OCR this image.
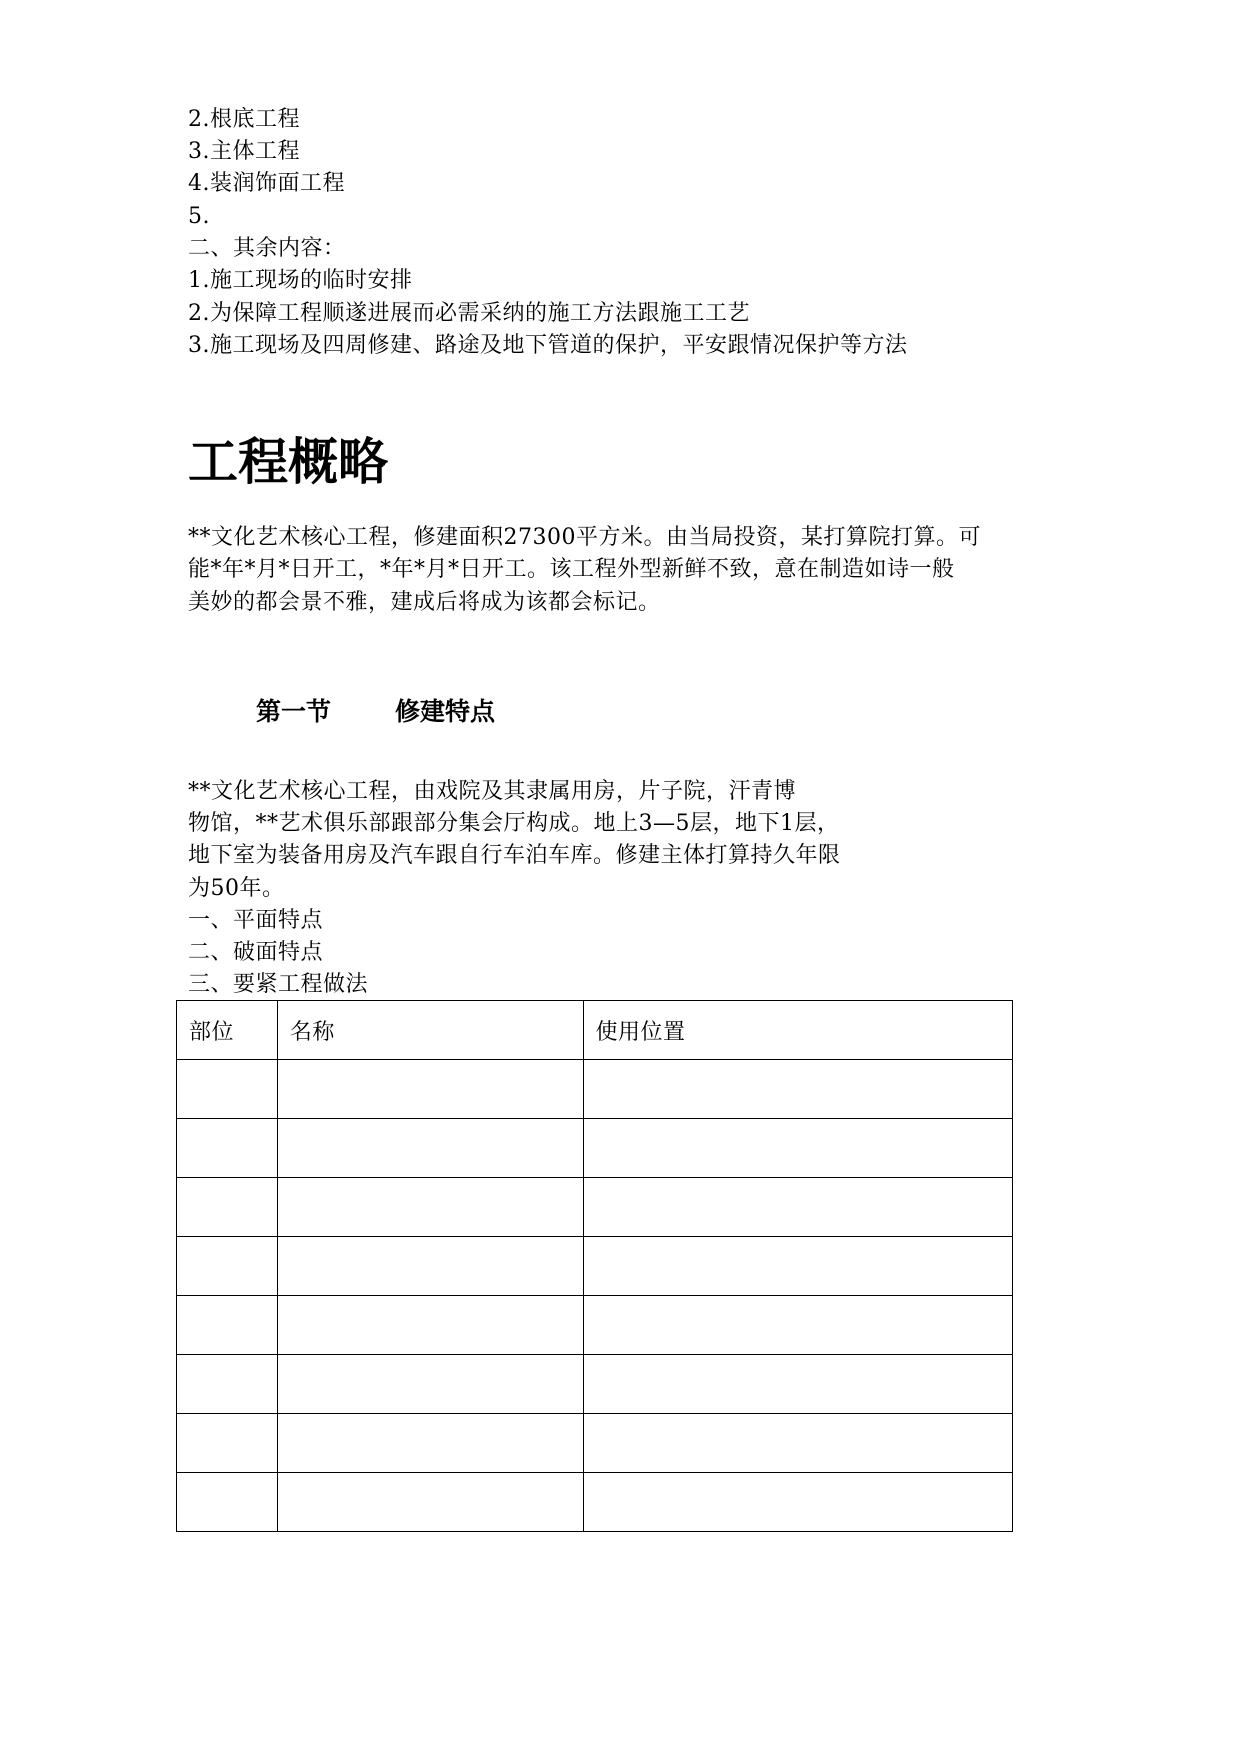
2.根底工程
3.主体工程
4.装润饰面工程
5.
二、其余内容：
1.施工现场的临时安排
2.为保障工程顺遂进展而必需采纳的施工方法跟施工工艺
3.施工现场及四周修建、路途及地下管道的保护，平安跟情况保护等方法
工程概略
**文化艺术核心工程，修建面积27300平方米。由当局投资，某打算院打算。可
能*年*月*日开工，*年*月*日开工。该工程外型新鲜不致，意在制造如诗一般
美妙的都会景不雅，建成后将成为该都会标记。
第一节	修建特点
**文化艺术核心工程，由戏院及其隶属用房，片子院，汗青博
物馆，**艺术俱乐部跟部分集会厅构成。地上3—5层，地下1层，
地下室为装备用房及汽车跟自行车泊车库。修建主体打算持久年限
为50年。
一、平面特点
二、破面特点
三、要紧工程做法
部位	名称	使用位置
